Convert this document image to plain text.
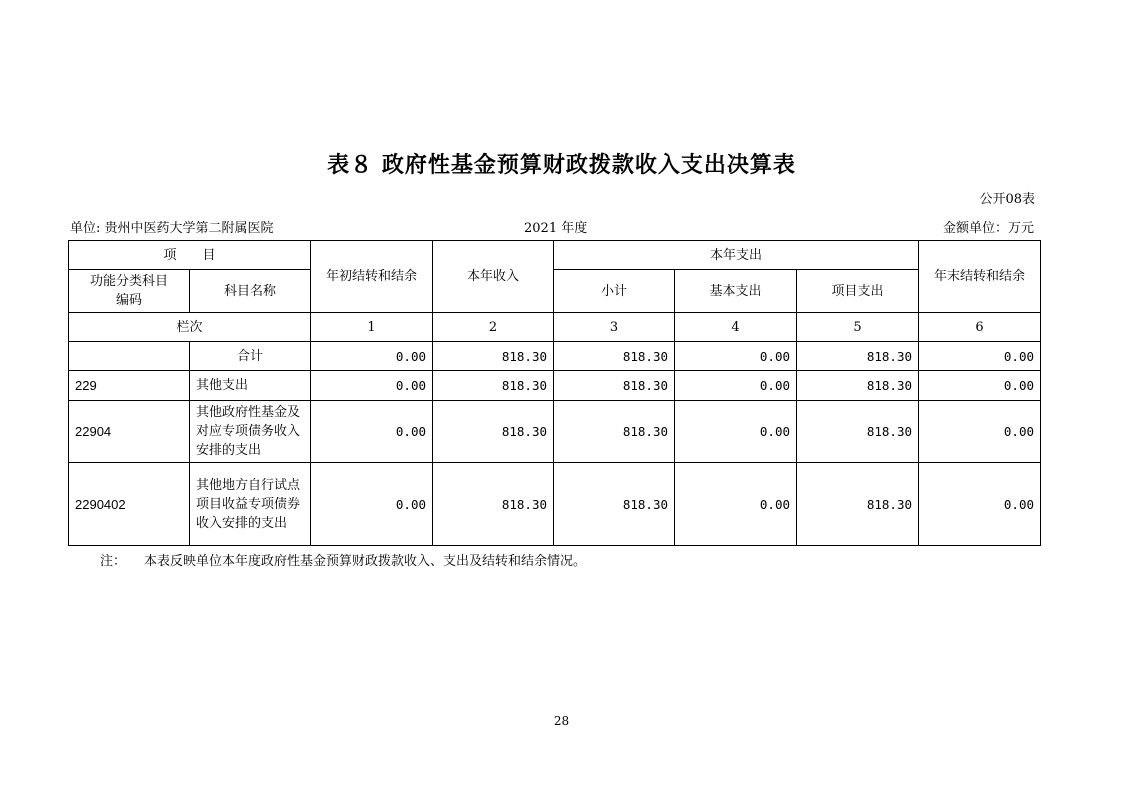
表８ 政府性基金预算财政拨款收入支出决算表
公开08表
单位: 贵州中医药大学第二附属医院	2021 年度	金额单位：万元
项　　目		年初结转和结余	本年收入	本年支出			年末结转和结余
功能分类科目编码	科目名称			小计	基本支出	项目支出	
栏次		1	2	3	4	5	6
	合计	0.00	818.30	818.30	0.00	818.30	0.00
229	其他支出	0.00	818.30	818.30	0.00	818.30	0.00
22904	其他政府性基金及对应专项债务收入安排的支出	0.00	818.30	818.30	0.00	818.30	0.00
2290402	其他地方自行试点项目收益专项债券收入安排的支出	0.00	818.30	818.30	0.00	818.30	0.00
注： 本表反映单位本年度政府性基金预算财政拨款收入、支出及结转和结余情况。
28
